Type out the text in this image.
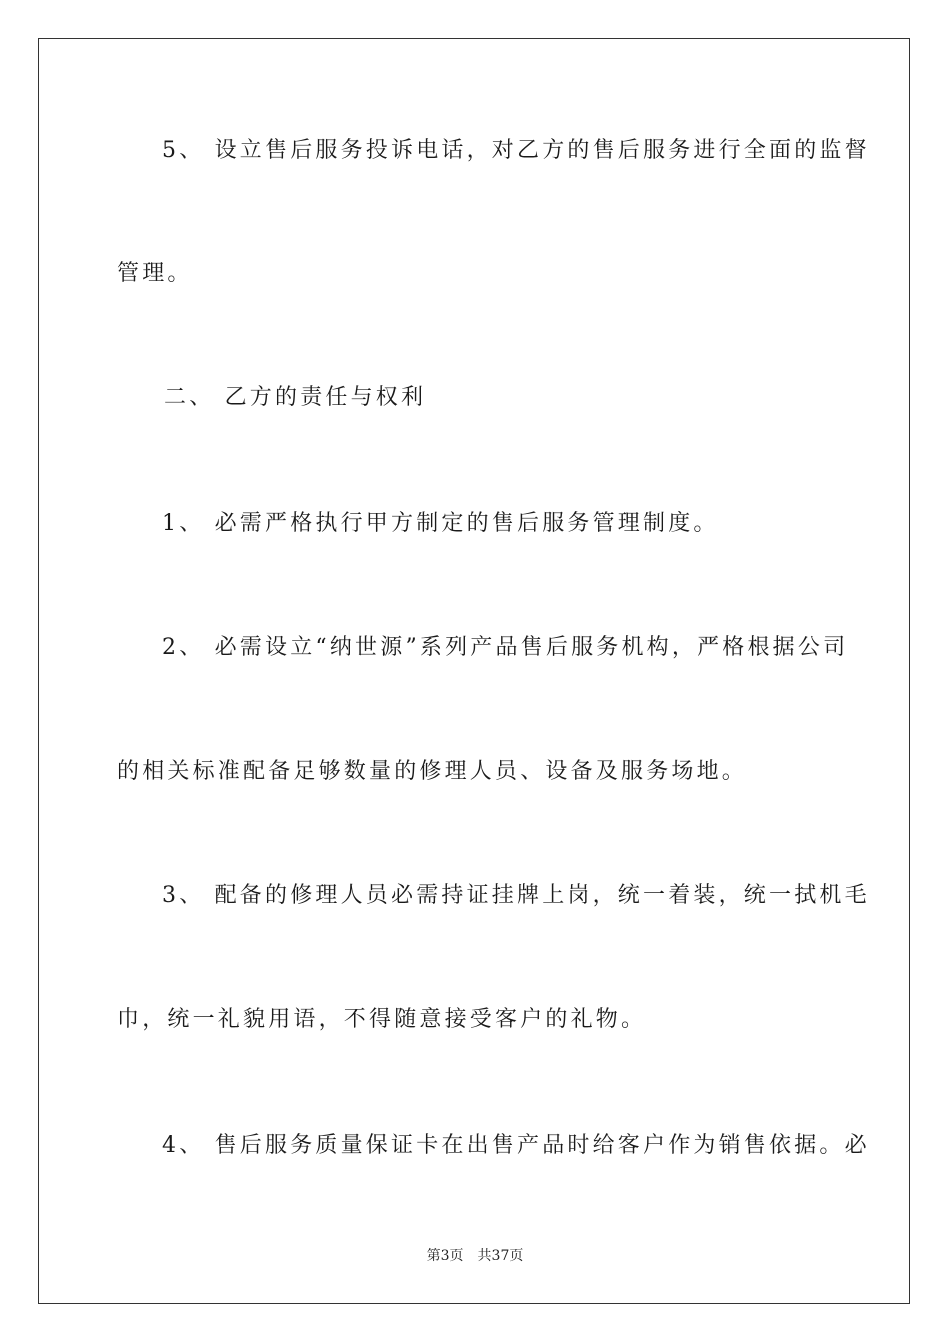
5、 设立售后服务投诉电话，对乙方的售后服务进行全面的监督
管理。
二、 乙方的责任与权利
1、 必需严格执行甲方制定的售后服务管理制度。
2、 必需设立“纳世源”系列产品售后服务机构，严格根据公司
的相关标准配备足够数量的修理人员、设备及服务场地。
3、 配备的修理人员必需持证挂牌上岗，统一着装，统一拭机毛
巾，统一礼貌用语，不得随意接受客户的礼物。
4、 售后服务质量保证卡在出售产品时给客户作为销售依据。必
第3页 共37页
